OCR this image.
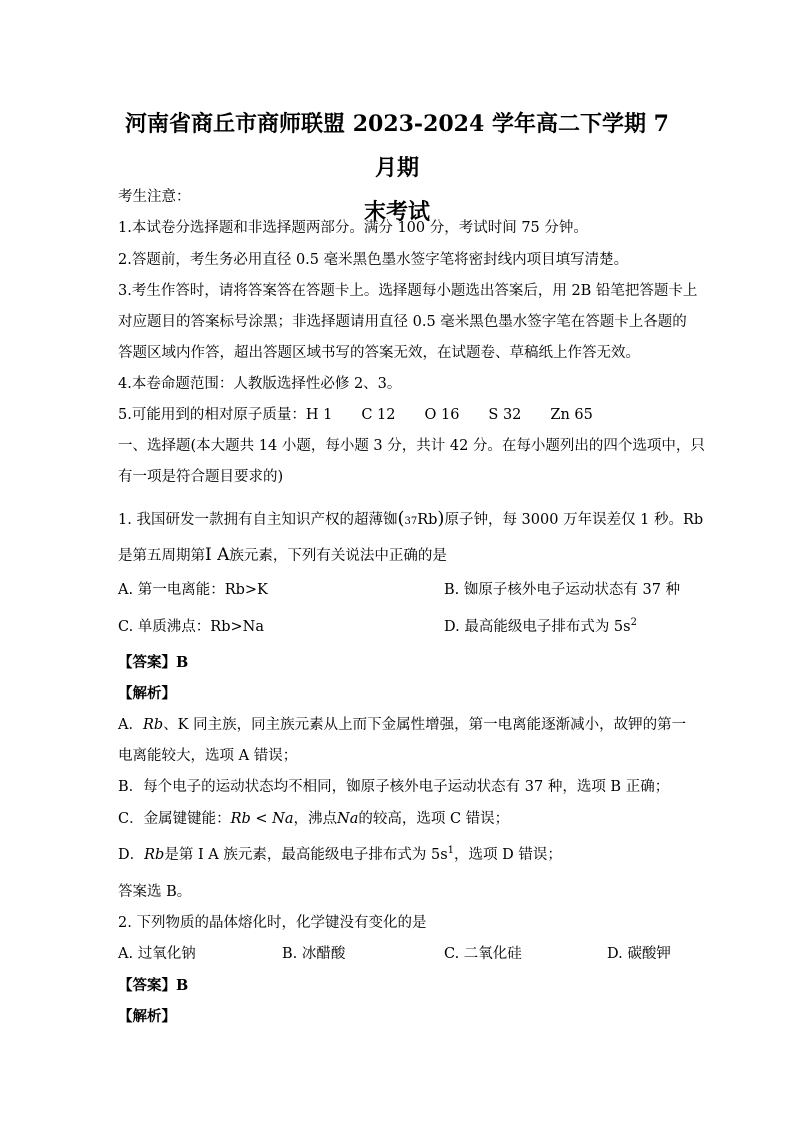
河南省商丘市商师联盟 2023-2024 学年高二下学期 7 月期
末考试
考生注意：
1.本试卷分选择题和非选择题两部分。满分 100 分，考试时间 75 分钟。
2.答题前，考生务必用直径 0.5 毫米黑色墨水签字笔将密封线内项目填写清楚。
3.考生作答时，请将答案答在答题卡上。选择题每小题选出答案后，用 2B 铅笔把答题卡上
对应题目的答案标号涂黑；非选择题请用直径 0.5 毫米黑色墨水签字笔在答题卡上各题的
答题区域内作答，超出答题区域书写的答案无效，在试题卷、草稿纸上作答无效。
4.本卷命题范围：人教版选择性必修 2、3。
5.可能用到的相对原子质量：H 1　　C 12　　O 16　　S 32　　Zn 65
一、选择题(本大题共 14 小题，每小题 3 分，共计 42 分。在每小题列出的四个选项中，只
有一项是符合题目要求的)
1. 我国研发一款拥有自主知识产权的超薄铷(37Rb)原子钟，每 3000 万年误差仅 1 秒。Rb
是第五周期第I A族元素，下列有关说法中正确的是
A. 第一电离能：Rb>K	B. 铷原子核外电子运动状态有 37 种
C. 单质沸点：Rb>Na	D. 最高能级电子排布式为 $5s^2$
【答案】B
【解析】
A．Rb、K 同主族，同主族元素从上而下金属性增强，第一电离能逐渐减小，故钾的第一
电离能较大，选项 A 错误；
B．每个电子的运动状态均不相同，铷原子核外电子运动状态有 37 种，选项 B 正确；
C．金属键键能：Rb < Na，沸点Na的较高，选项 C 错误；
D．Rb是第 I A 族元素，最高能级电子排布式为 $5s^1$，选项 D 错误；
答案选 B。
2. 下列物质的晶体熔化时，化学键没有变化的是
A. 过氧化钠	B. 冰醋酸	C. 二氧化硅	D. 碳酸钾
【答案】B
【解析】
